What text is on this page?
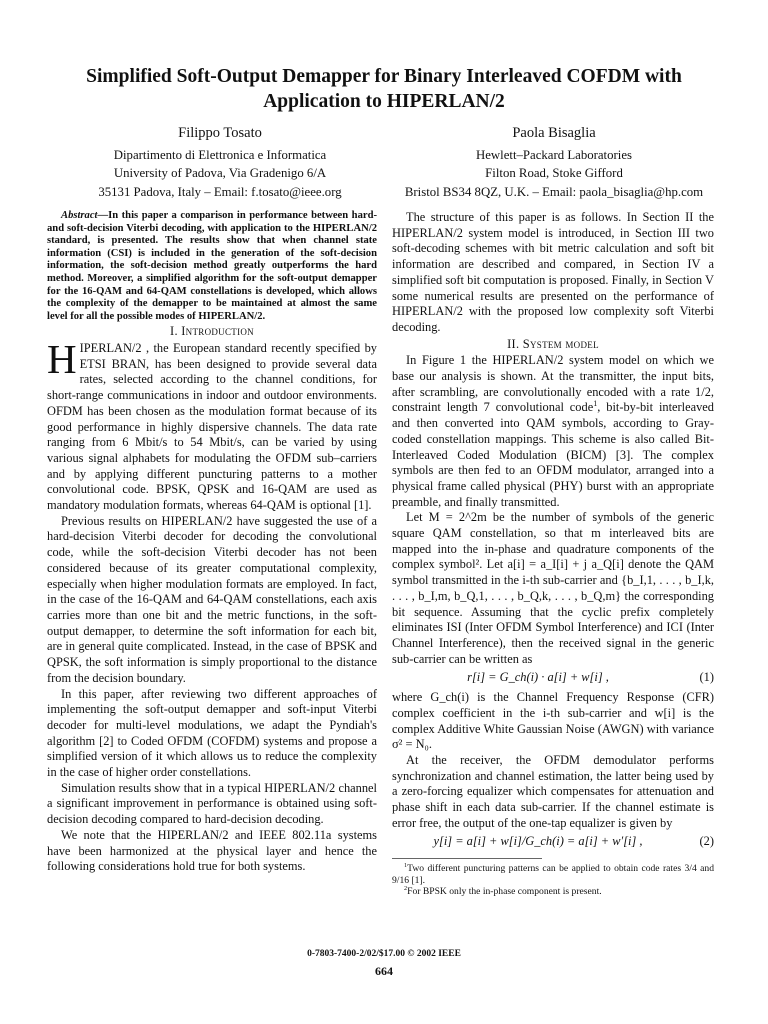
Simplified Soft-Output Demapper for Binary Interleaved COFDM with Application to HIPERLAN/2
Filippo Tosato
Dipartimento di Elettronica e Informatica
University of Padova, Via Gradenigo 6/A
35131 Padova, Italy – Email: f.tosato@ieee.org
Paola Bisaglia
Hewlett–Packard Laboratories
Filton Road, Stoke Gifford
Bristol BS34 8QZ, U.K. – Email: paola_bisaglia@hp.com

Abstract—In this paper a comparison in performance between hard- and soft-decision Viterbi decoding, with application to the HIPERLAN/2 standard, is presented. The results show that when channel state information (CSI) is included in the generation of the soft-decision information, the soft-decision method greatly outperforms the hard method. Moreover, a simplified algorithm for the soft-output demapper for the 16-QAM and 64-QAM constellations is developed, which allows the complexity of the demapper to be maintained at almost the same level for all the possible modes of HIPERLAN/2.

I. Introduction

HIPERLAN/2 , the European standard recently specified by ETSI BRAN, has been designed to provide several data rates, selected according to the channel conditions, for short-range communications in indoor and outdoor environments. OFDM has been chosen as the modulation format because of its good performance in highly dispersive channels. The data rate ranging from 6 Mbit/s to 54 Mbit/s, can be varied by using various signal alphabets for modulating the OFDM sub–carriers and by applying different puncturing patterns to a mother convolutional code. BPSK, QPSK and 16-QAM are used as mandatory modulation formats, whereas 64-QAM is optional [1].

Previous results on HIPERLAN/2 have suggested the use of a hard-decision Viterbi decoder for decoding the convolutional code, while the soft-decision Viterbi decoder has not been considered because of its greater computational complexity, especially when higher modulation formats are employed. In fact, in the case of the 16-QAM and 64-QAM constellations, each axis carries more than one bit and the metric functions, in the soft-output demapper, to determine the soft information for each bit, are in general quite complicated. Instead, in the case of BPSK and QPSK, the soft information is simply proportional to the distance from the decision boundary.

In this paper, after reviewing two different approaches of implementing the soft-output demapper and soft-input Viterbi decoder for multi-level modulations, we adapt the Pyndiah's algorithm [2] to Coded OFDM (COFDM) systems and propose a simplified version of it which allows us to reduce the complexity in the case of higher order constellations.

Simulation results show that in a typical HIPERLAN/2 channel a significant improvement in performance is obtained using soft-decision decoding compared to hard-decision decoding.

We note that the HIPERLAN/2 and IEEE 802.11a systems have been harmonized at the physical layer and hence the following considerations hold true for both systems.

The structure of this paper is as follows. In Section II the HIPERLAN/2 system model is introduced, in Section III two soft-decoding schemes with bit metric calculation and soft bit information are described and compared, in Section IV a simplified soft bit computation is proposed. Finally, in Section V some numerical results are presented on the performance of HIPERLAN/2 with the proposed low complexity soft Viterbi decoding.

II. System model

In Figure 1 the HIPERLAN/2 system model on which we base our analysis is shown. At the transmitter, the input bits, after scrambling, are convolutionally encoded with a rate 1/2, constraint length 7 convolutional code$^1$, bit-by-bit interleaved and then converted into QAM symbols, according to Gray-coded constellation mappings. This scheme is also called Bit-Interleaved Coded Modulation (BICM) [3]. The complex symbols are then fed to an OFDM modulator, arranged into a physical frame called physical (PHY) burst with an appropriate preamble, and finally transmitted.

Let M = 2^2m be the number of symbols of the generic square QAM constellation, so that m interleaved bits are mapped into the in-phase and quadrature components of the complex symbol². Let a[i] = a_I[i] + j a_Q[i] denote the QAM symbol transmitted in the i-th sub-carrier and {b_I,1, . . . , b_I,k, . . . , b_I,m, b_Q,1, . . . , b_Q,k, . . . , b_Q,m} the corresponding bit sequence. Assuming that the cyclic prefix completely eliminates ISI (Inter OFDM Symbol Interference) and ICI (Inter Channel Interference), then the received signal in the generic sub-carrier can be written as

r[i] = G_ch(i) · a[i] + w[i] ,	(1)

where G_ch(i) is the Channel Frequency Response (CFR) complex coefficient in the i-th sub-carrier and w[i] is the complex Additive White Gaussian Noise (AWGN) with variance σ² = N₀.

At the receiver, the OFDM demodulator performs synchronization and channel estimation, the latter being used by a zero-forcing equalizer which compensates for attenuation and phase shift in each data sub-carrier. If the channel estimate is error free, the output of the one-tap equalizer is given by

y[i] = a[i] + w[i]/G_ch(i) = a[i] + w′[i] ,	(2)
$^1$Two different puncturing patterns can be applied to obtain code rates 3/4 and 9/16 [1].
$^2$For BPSK only the in-phase component is present.
0-7803-7400-2/02/$17.00 © 2002 IEEE
664
